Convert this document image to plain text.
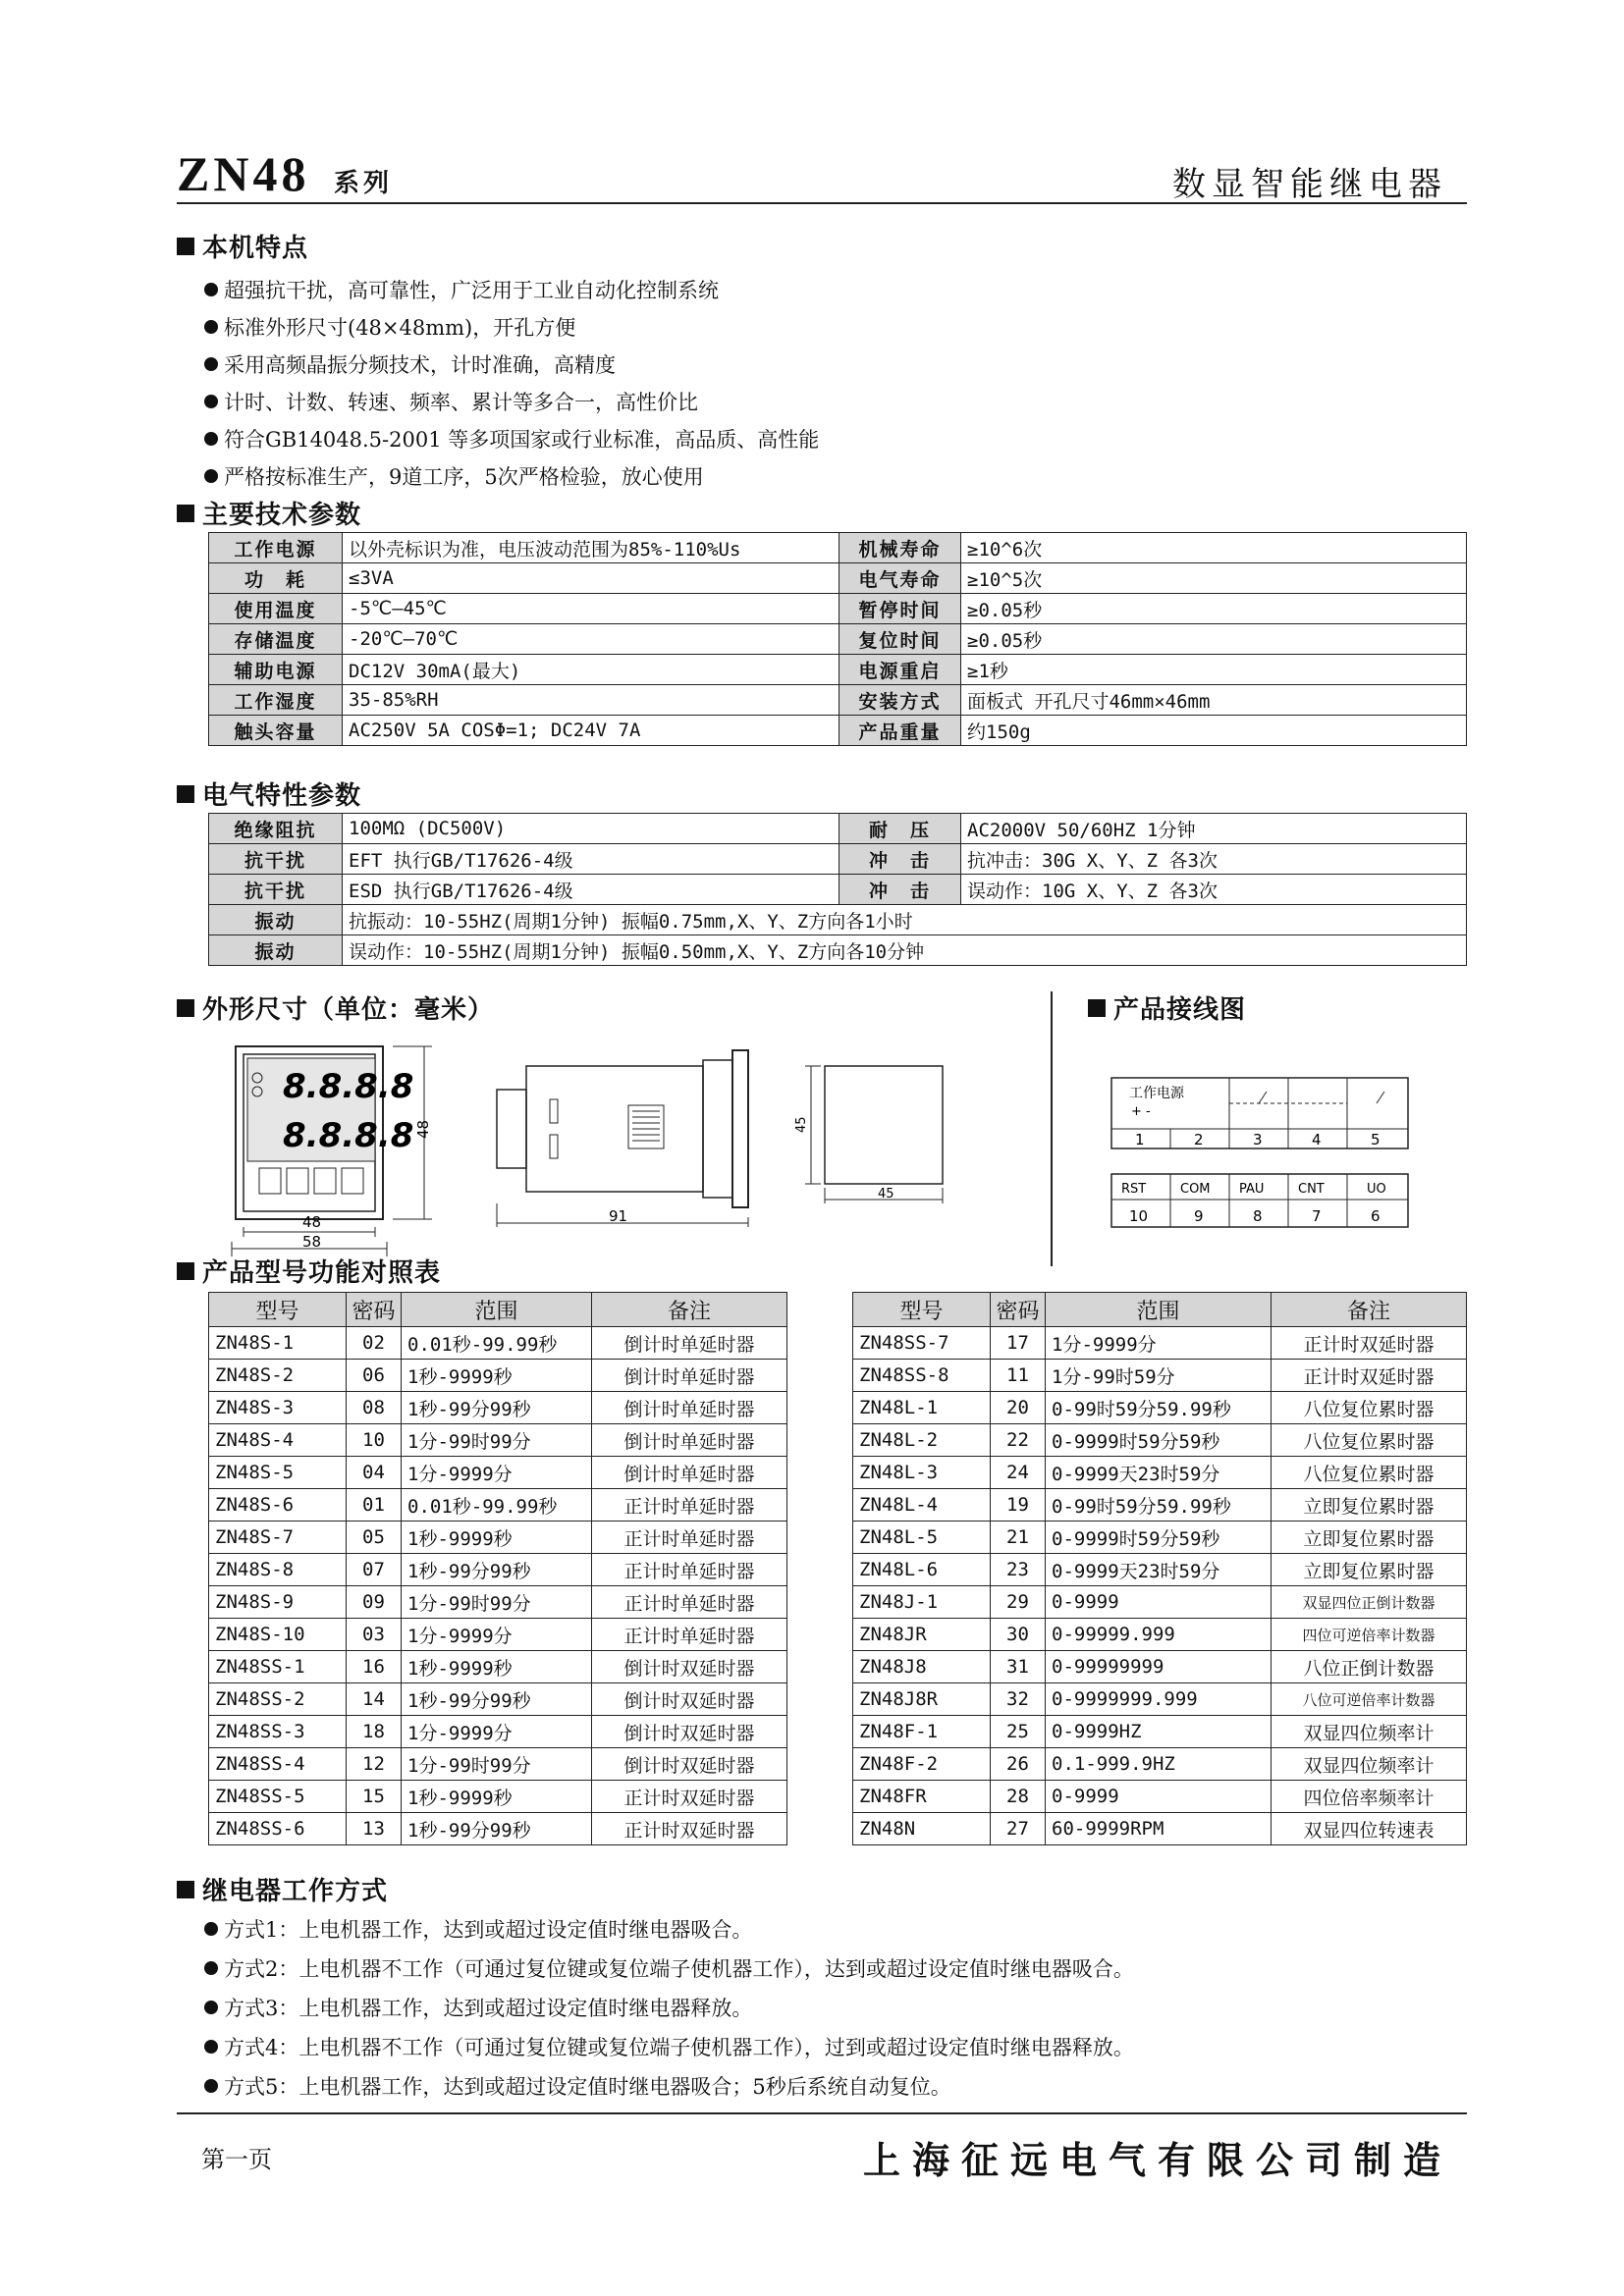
ZN48 系列	数显智能继电器
本机特点
超强抗干扰，高可靠性，广泛用于工业自动化控制系统
标准外形尺寸(48×48mm)，开孔方便
采用高频晶振分频技术，计时准确，高精度
计时、计数、转速、频率、累计等多合一，高性价比
符合GB14048.5-2001 等多项国家或行业标准，高品质、高性能
严格按标准生产，9道工序，5次严格检验，放心使用
主要技术参数
工作电源	以外壳标识为准，电压波动范围为85%-110%Us	机械寿命	≥10^6次
功　耗	≤3VA	电气寿命	≥10^5次
使用温度	-5℃—45℃	暂停时间	≥0.05秒
存储温度	-20℃—70℃	复位时间	≥0.05秒
辅助电源	DC12V 30mA(最大)	电源重启	≥1秒
工作湿度	35-85%RH	安装方式	面板式 开孔尺寸46mm×46mm
触头容量	AC250V 5A COSΦ=1; DC24V 7A	产品重量	约150g
电气特性参数
绝缘阻抗	100MΩ (DC500V)	耐　压	AC2000V 50/60HZ 1分钟
抗干扰	EFT 执行GB/T17626-4级	冲　击	抗冲击：30G X、Y、Z 各3次
抗干扰	ESD 执行GB/T17626-4级	冲　击	误动作：10G X、Y、Z 各3次
振动	抗振动：10-55HZ(周期1分钟) 振幅0.75mm,X、Y、Z方向各1小时		
振动	误动作：10-55HZ(周期1分钟) 振幅0.50mm,X、Y、Z方向各10分钟		
外形尺寸（单位：毫米）
8.8.8.8
8.8.8.8 48
48
58
91
45
45
产品接线图
工作电源
+ -
1	2	3	4	5
RST	COM PAU	CNT	UO
10	9	8	7	6
产品型号功能对照表
型号	密码	范围	备注
ZN48S-1	02	0.01秒-99.99秒	倒计时单延时器
ZN48S-2	06	1秒-9999秒	倒计时单延时器
ZN48S-3	08	1秒-99分99秒	倒计时单延时器
ZN48S-4	10	1分-99时99分	倒计时单延时器
ZN48S-5	04	1分-9999分	倒计时单延时器
ZN48S-6	01	0.01秒-99.99秒	正计时单延时器
ZN48S-7	05	1秒-9999秒	正计时单延时器
ZN48S-8	07	1秒-99分99秒	正计时单延时器
ZN48S-9	09	1分-99时99分	正计时单延时器
ZN48S-10	03	1分-9999分	正计时单延时器
ZN48SS-1	16	1秒-9999秒	倒计时双延时器
ZN48SS-2	14	1秒-99分99秒	倒计时双延时器
ZN48SS-3	18	1分-9999分	倒计时双延时器
ZN48SS-4	12	1分-99时99分	倒计时双延时器
ZN48SS-5	15	1秒-9999秒	正计时双延时器
ZN48SS-6	13	1秒-99分99秒	正计时双延时器
型号	密码	范围	备注
ZN48SS-7	17	1分-9999分	正计时双延时器
ZN48SS-8	11	1分-99时59分	正计时双延时器
ZN48L-1	20	0-99时59分59.99秒	八位复位累时器
ZN48L-2	22	0-9999时59分59秒	八位复位累时器
ZN48L-3	24	0-9999天23时59分	八位复位累时器
ZN48L-4	19	0-99时59分59.99秒	立即复位累时器
ZN48L-5	21	0-9999时59分59秒	立即复位累时器
ZN48L-6	23	0-9999天23时59分	立即复位累时器
ZN48J-1	29	0-9999	双显四位正倒计数器
ZN48JR	30	0-99999.999	四位可逆倍率计数器
ZN48J8	31	0-99999999	八位正倒计数器
ZN48J8R	32	0-9999999.999	八位可逆倍率计数器
ZN48F-1	25	0-9999HZ	双显四位频率计
ZN48F-2	26	0.1-999.9HZ	双显四位频率计
ZN48FR	28	0-9999	四位倍率频率计
ZN48N	27	60-9999RPM	双显四位转速表
继电器工作方式
方式1：上电机器工作，达到或超过设定值时继电器吸合。
方式2：上电机器不工作（可通过复位键或复位端子使机器工作），达到或超过设定值时继电器吸合。
方式3：上电机器工作，达到或超过设定值时继电器释放。
方式4：上电机器不工作（可通过复位键或复位端子使机器工作），过到或超过设定值时继电器释放。
方式5：上电机器工作，达到或超过设定值时继电器吸合；5秒后系统自动复位。
第一页	上海征远电气有限公司制造
